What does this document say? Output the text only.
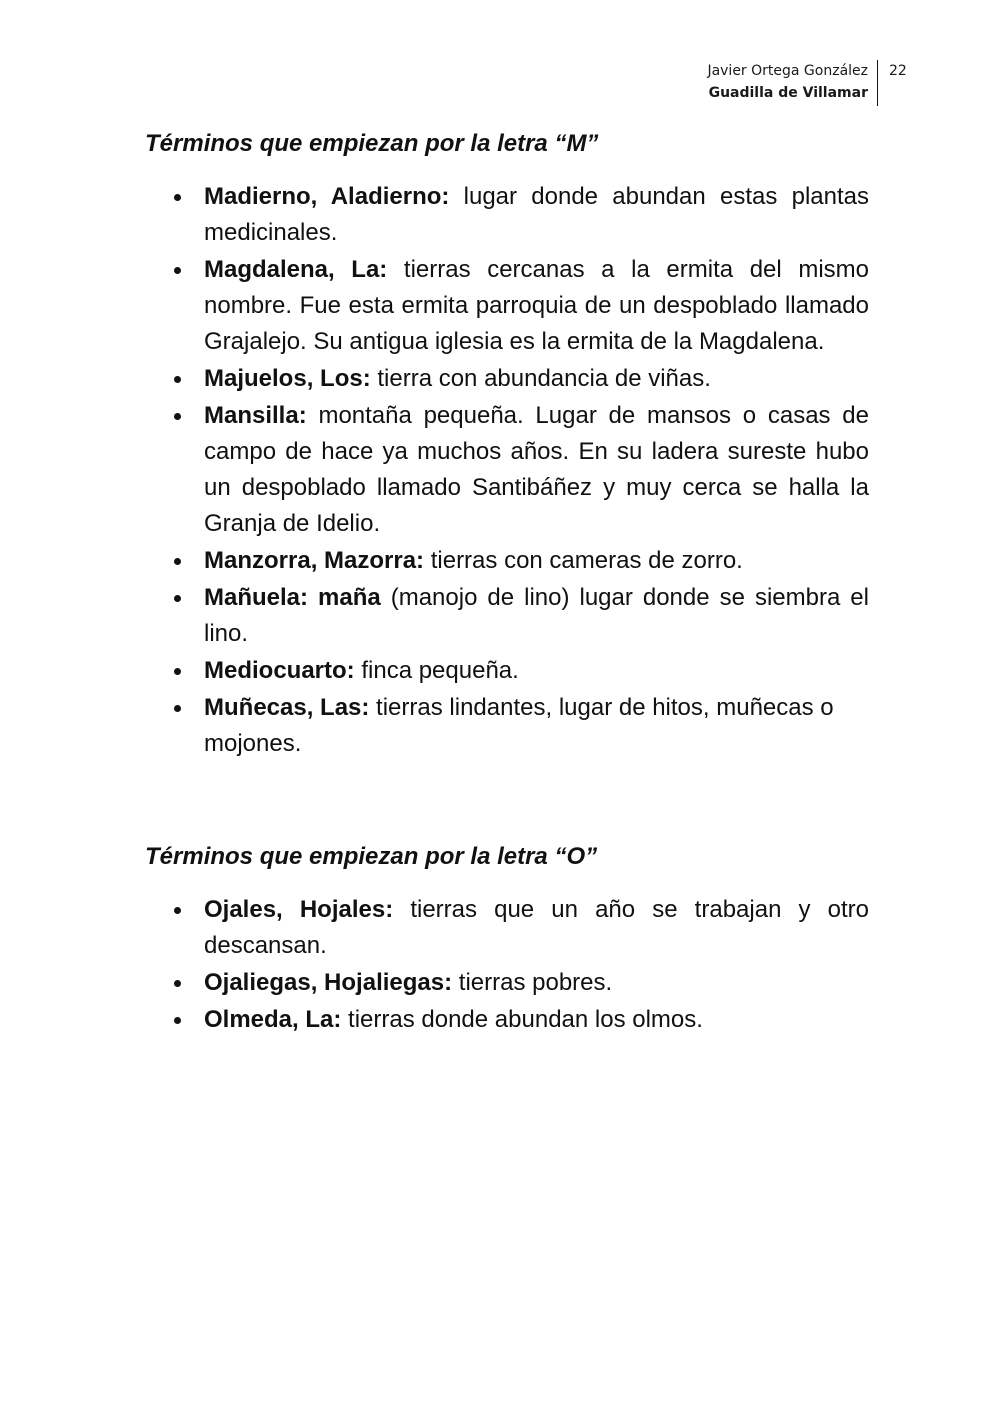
Javier Ortega González
Guadilla de Villamar
22
Términos que empiezan por la letra “M”
Madierno, Aladierno: lugar donde abundan estas plantas medicinales.
Magdalena, La: tierras cercanas a la ermita del mismo nombre. Fue esta ermita parroquia de un despoblado llamado Grajalejo. Su antigua iglesia es la ermita de la Magdalena.
Majuelos, Los: tierra con abundancia de viñas.
Mansilla: montaña pequeña. Lugar de mansos o casas de campo de hace ya muchos años. En su ladera sureste hubo un despoblado llamado Santibáñez y muy cerca se halla la Granja de Idelio.
Manzorra, Mazorra: tierras con cameras de zorro.
Mañuela: maña (manojo de lino) lugar donde se siembra el lino.
Mediocuarto: finca pequeña.
Muñecas, Las: tierras lindantes, lugar de hitos, muñecas o mojones.
Términos que empiezan por la letra “O”
Ojales, Hojales: tierras que un año se trabajan y otro descansan.
Ojaliegas, Hojaliegas: tierras pobres.
Olmeda, La: tierras donde abundan los olmos.
